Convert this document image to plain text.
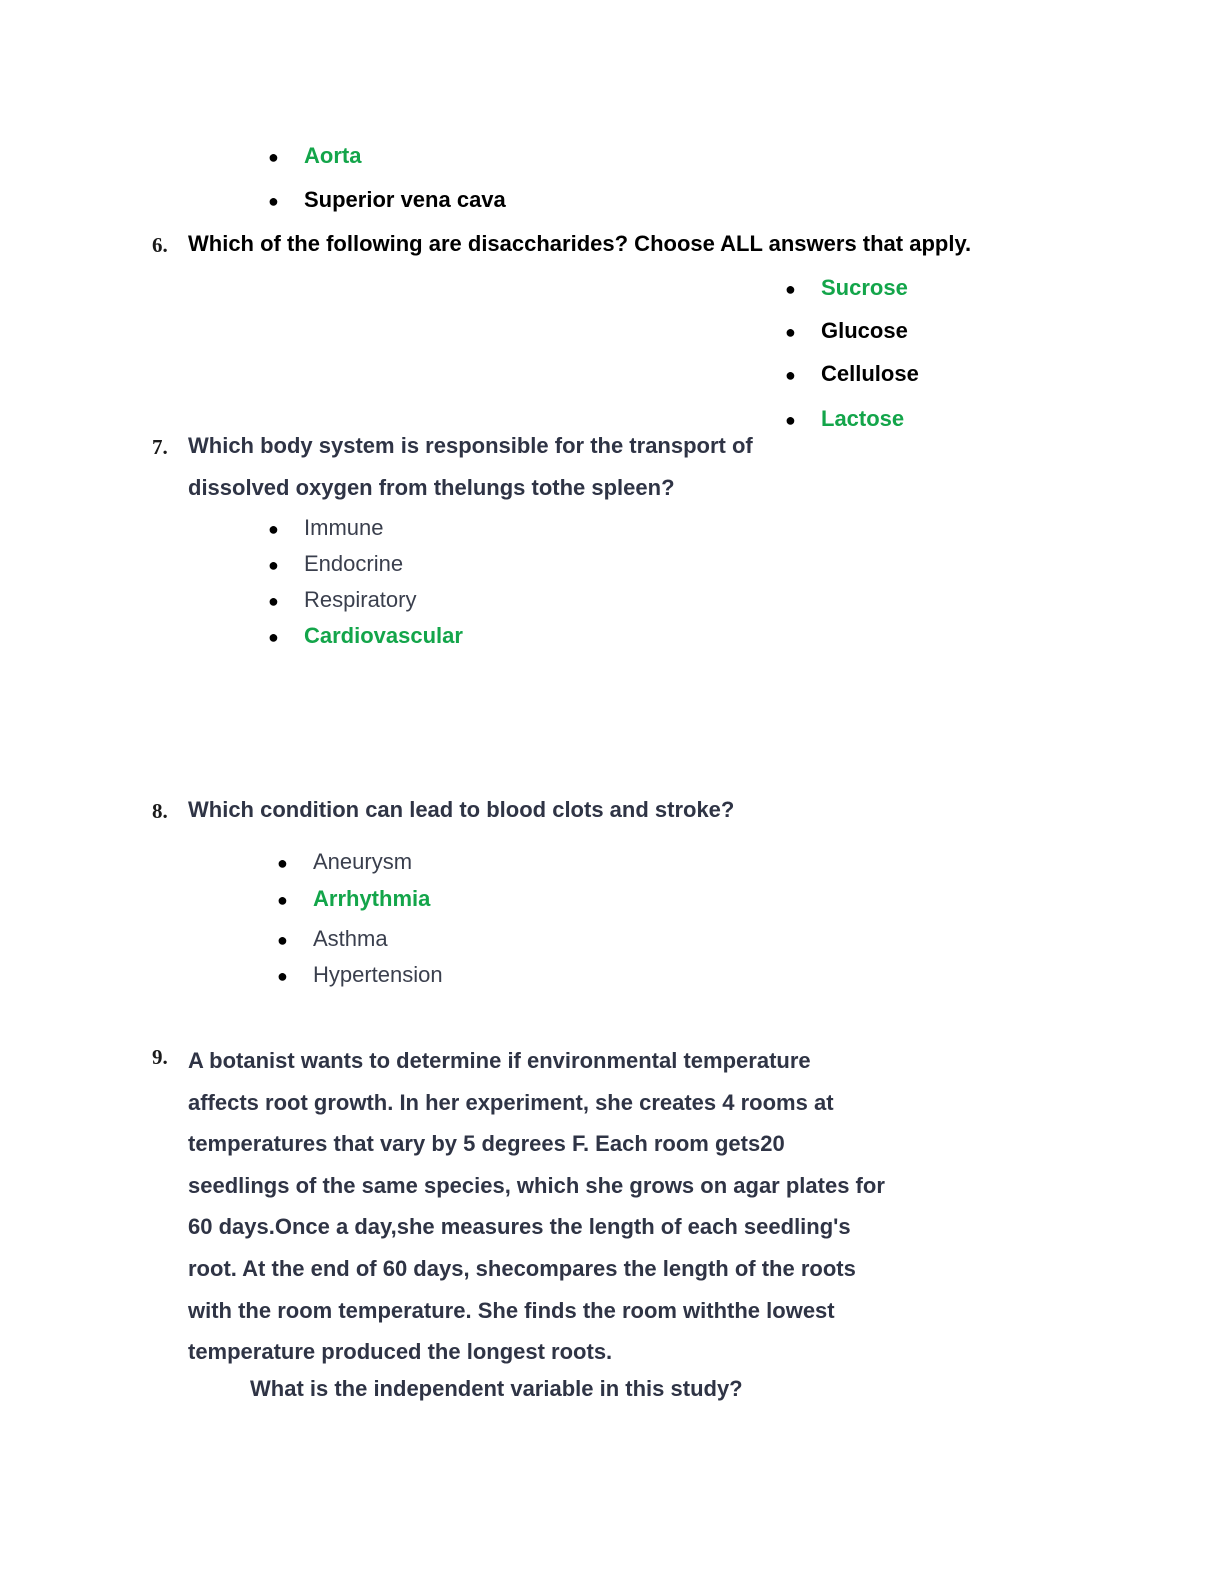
● Aorta
● Superior vena cava
6. Which of the following are disaccharides? Choose ALL answers that apply.
● Sucrose
● Glucose
● Cellulose
● Lactose
7. Which body system is responsible for the transport of
dissolved oxygen from thelungs tothe spleen?
● Immune
● Endocrine
● Respiratory
● Cardiovascular
8. Which condition can lead to blood clots and stroke?
● Aneurysm
● Arrhythmia
● Asthma
● Hypertension
9. A botanist wants to determine if environmental temperature
affects root growth. In her experiment, she creates 4 rooms at
temperatures that vary by 5 degrees F. Each room gets20
seedlings of the same species, which she grows on agar plates for
60 days.Once a day,she measures the length of each seedling's
root. At the end of 60 days, shecompares the length of the roots
with the room temperature. She finds the room withthe lowest
temperature produced the longest roots.
What is the independent variable in this study?
